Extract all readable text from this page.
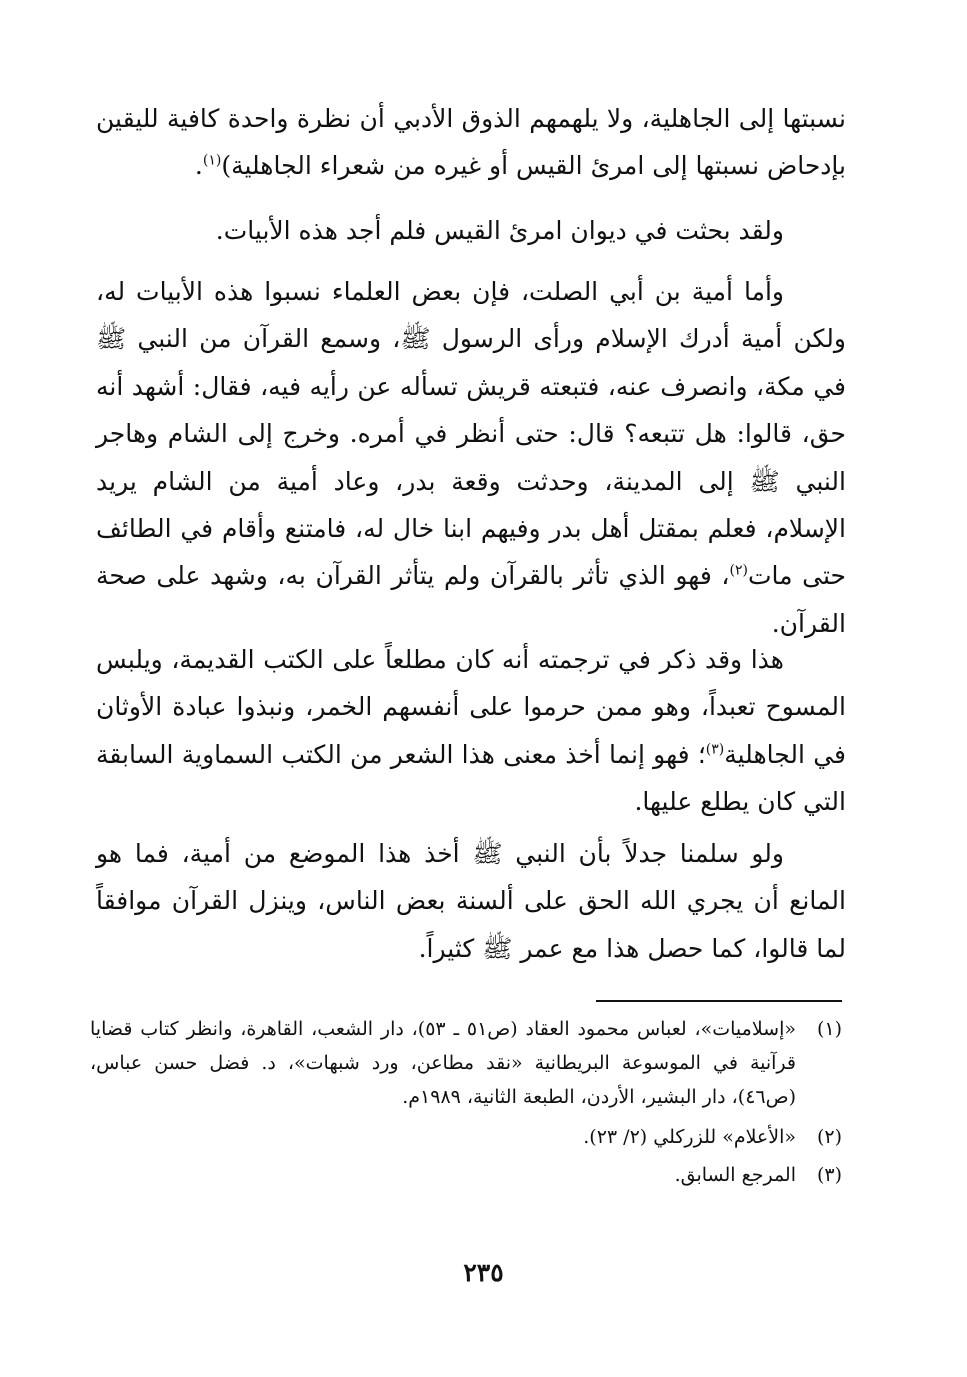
نسبتها إلى الجاهلية، ولا يلهمهم الذوق الأدبي أن نظرة واحدة كافية لليقين بإدحاض نسبتها إلى امرئ القيس أو غيره من شعراء الجاهلية)$^{(١)}$.

ولقد بحثت في ديوان امرئ القيس فلم أجد هذه الأبيات.

وأما أمية بن أبي الصلت، فإن بعض العلماء نسبوا هذه الأبيات له، ولكن أمية أدرك الإسلام ورأى الرسول ﷺ، وسمع القرآن من النبي ﷺ في مكة، وانصرف عنه، فتبعته قريش تسأله عن رأيه فيه، فقال: أشهد أنه حق، قالوا: هل تتبعه؟ قال: حتى أنظر في أمره. وخرج إلى الشام وهاجر النبي ﷺ إلى المدينة، وحدثت وقعة بدر، وعاد أمية من الشام يريد الإسلام، فعلم بمقتل أهل بدر وفيهم ابنا خال له، فامتنع وأقام في الطائف حتى مات$^{(٢)}$، فهو الذي تأثر بالقرآن ولم يتأثر القرآن به، وشهد على صحة القرآن.

هذا وقد ذكر في ترجمته أنه كان مطلعاً على الكتب القديمة، ويلبس المسوح تعبداً، وهو ممن حرموا على أنفسهم الخمر، ونبذوا عبادة الأوثان في الجاهلية$^{(٣)}$؛ فهو إنما أخذ معنى هذا الشعر من الكتب السماوية السابقة التي كان يطلع عليها.

ولو سلمنا جدلاً بأن النبي ﷺ أخذ هذا الموضع من أمية، فما هو المانع أن يجري الله الحق على ألسنة بعض الناس، وينزل القرآن موافقاً لما قالوا، كما حصل هذا مع عمر ﷺ كثيراً.

(١)
«إسلاميات»، لعباس محمود العقاد (ص٥١ ـ ٥٣)، دار الشعب، القاهرة، وانظر كتاب قضايا قرآنية في الموسوعة البريطانية «نقد مطاعن، ورد شبهات»، د. فضل حسن عباس، (ص٤٦)، دار البشير، الأردن، الطبعة الثانية، ١٩٨٩م.
(٢)
«الأعلام» للزركلي (٢/ ٢٣).
(٣)
المرجع السابق.
٢٣٥
